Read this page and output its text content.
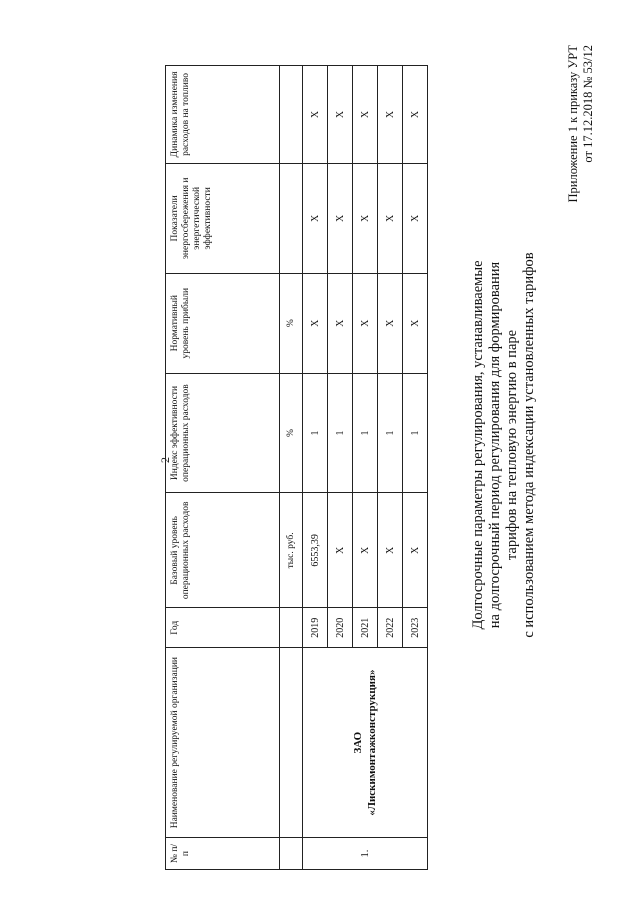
2
Приложение 1 к приказу УРТ от 17.12.2018 № 53/12
Долгосрочные параметры регулирования, устанавливаемые на долгосрочный период регулирования для формирования тарифов на тепловую энергию в паре с использованием метода индексации установленных тарифов
№ п/п	Наименование регулируемой организации	Год	Базовый уровень операционных расходов	Индекс эффективности операционных расходов	Нормативный уровень прибыли	Показатели энергосбережения и энергетической эффективности	Динамика изменения расходов на топливо
			тыс. руб.	%	%		
1.	ЗАО «Лискимонтажконструкция»	2019	6553,39	1	Х	Х	Х
		2020	Х	1	Х	Х	Х
		2021	Х	1	Х	Х	Х
		2022	Х	1	Х	Х	Х
		2023	Х	1	Х	Х	Х
